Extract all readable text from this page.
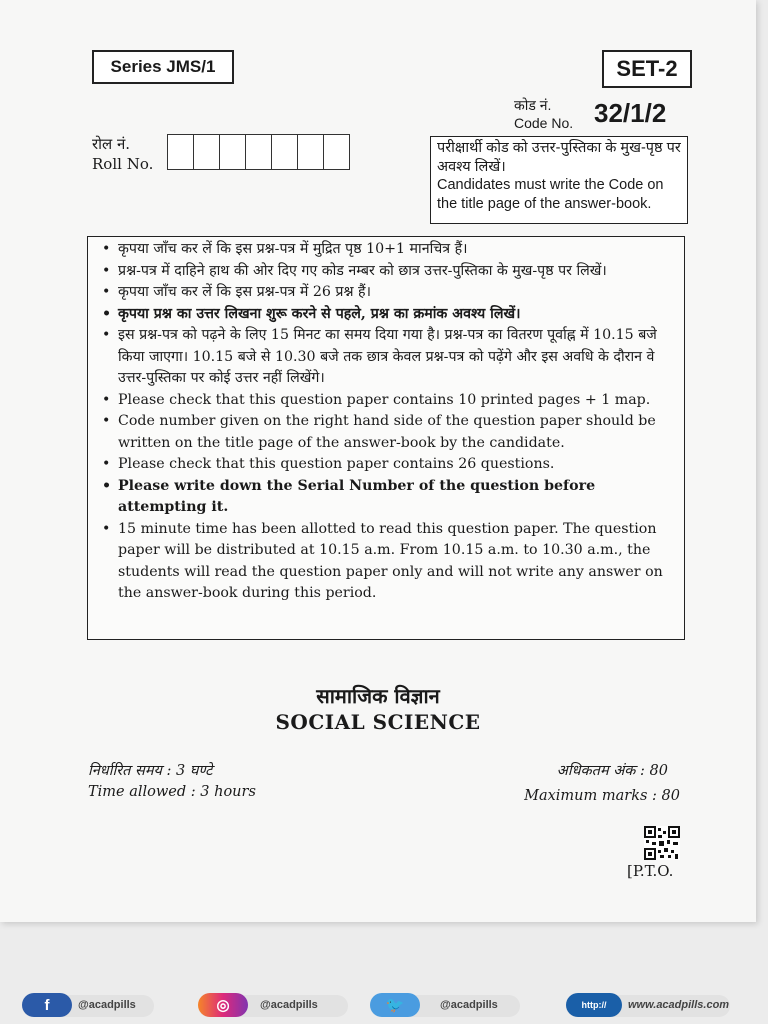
Series JMS/1	SET-2
कोड नं.
Code No. 32/1/2
रोल नं.
Roll No.
परीक्षार्थी कोड को उत्तर-पुस्तिका के मुख-पृष्ठ पर अवश्य लिखें।
Candidates must write the Code on the title page of the answer-book.
• कृपया जाँच कर लें कि इस प्रश्न-पत्र में मुद्रित पृष्ठ 10+1 मानचित्र हैं।
• प्रश्न-पत्र में दाहिने हाथ की ओर दिए गए कोड नम्बर को छात्र उत्तर-पुस्तिका के मुख-पृष्ठ पर लिखें।
• कृपया जाँच कर लें कि इस प्रश्न-पत्र में 26 प्रश्न हैं।
• कृपया प्रश्न का उत्तर लिखना शुरू करने से पहले, प्रश्न का क्रमांक अवश्य लिखें।
• इस प्रश्न-पत्र को पढ़ने के लिए 15 मिनट का समय दिया गया है। प्रश्न-पत्र का वितरण पूर्वाह्न में 10.15 बजे किया जाएगा। 10.15 बजे से 10.30 बजे तक छात्र केवल प्रश्न-पत्र को पढ़ेंगे और इस अवधि के दौरान वे उत्तर-पुस्तिका पर कोई उत्तर नहीं लिखेंगे।
• Please check that this question paper contains 10 printed pages + 1 map.
• Code number given on the right hand side of the question paper should be written on the title page of the answer-book by the candidate.
• Please check that this question paper contains 26 questions.
• Please write down the Serial Number of the question before attempting it.
• 15 minute time has been allotted to read this question paper. The question paper will be distributed at 10.15 a.m. From 10.15 a.m. to 10.30 a.m., the students will read the question paper only and will not write any answer on the answer-book during this period.
सामाजिक विज्ञान
SOCIAL SCIENCE
निर्धारित समय : 3 घण्टे
Time allowed : 3 hours
अधिकतम अंक : 80
Maximum marks : 80
[P.T.O.
f	@acadpills	◎	@acadpills	🐦	@acadpills	http://	www.acadpills.com
